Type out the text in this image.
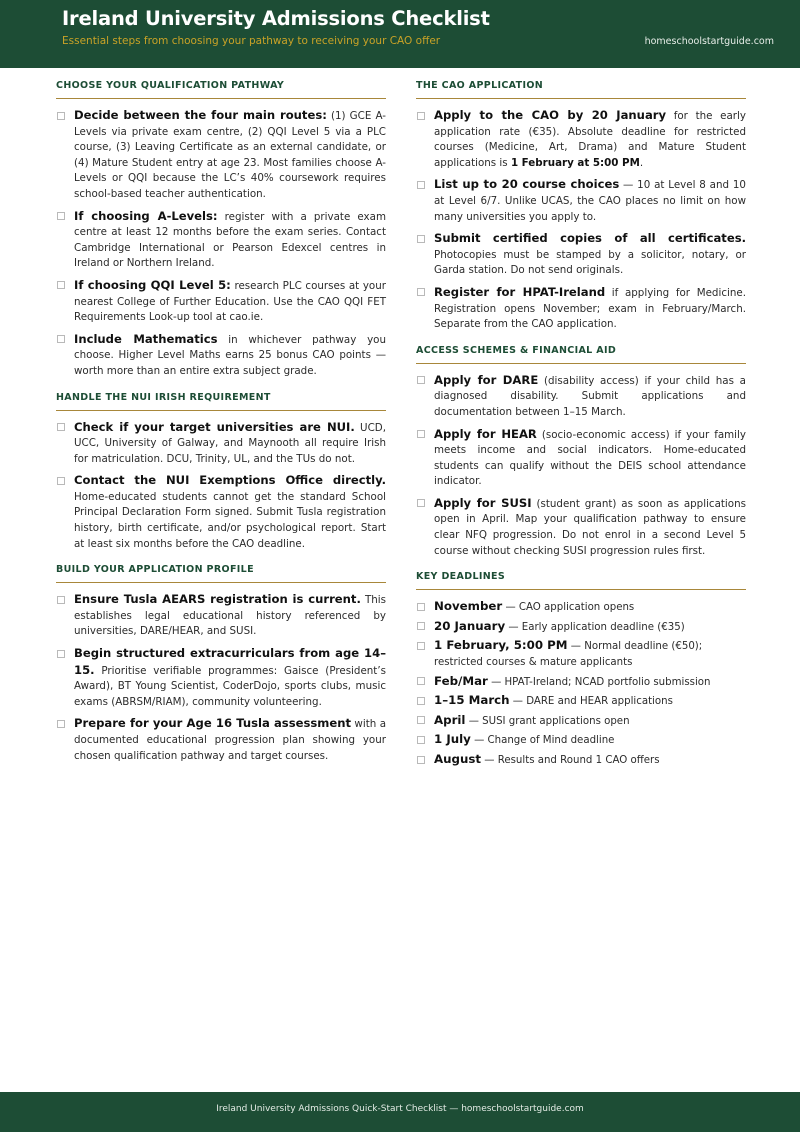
Ireland University Admissions Checklist
Essential steps from choosing your pathway to receiving your CAO offer	homeschoolstartguide.com
CHOOSE YOUR QUALIFICATION PATHWAY
Decide between the four main routes: (1) GCE A-Levels via private exam centre, (2) QQI Level 5 via a PLC course, (3) Leaving Certificate as an external candidate, or (4) Mature Student entry at age 23. Most families choose A-Levels or QQI because the LC’s 40% coursework requires school-based teacher authentication.
If choosing A-Levels: register with a private exam centre at least 12 months before the exam series. Contact Cambridge International or Pearson Edexcel centres in Ireland or Northern Ireland.
If choosing QQI Level 5: research PLC courses at your nearest College of Further Education. Use the CAO QQI FET Requirements Look-up tool at cao.ie.
Include Mathematics in whichever pathway you choose. Higher Level Maths earns 25 bonus CAO points — worth more than an entire extra subject grade.
HANDLE THE NUI IRISH REQUIREMENT
Check if your target universities are NUI. UCD, UCC, University of Galway, and Maynooth all require Irish for matriculation. DCU, Trinity, UL, and the TUs do not.
Contact the NUI Exemptions Office directly. Home-educated students cannot get the standard School Principal Declaration Form signed. Submit Tusla registration history, birth certificate, and/or psychological report. Start at least six months before the CAO deadline.
BUILD YOUR APPLICATION PROFILE
Ensure Tusla AEARS registration is current. This establishes legal educational history referenced by universities, DARE/HEAR, and SUSI.
Begin structured extracurriculars from age 14–15. Prioritise verifiable programmes: Gaisce (President’s Award), BT Young Scientist, CoderDojo, sports clubs, music exams (ABRSM/RIAM), community volunteering.
Prepare for your Age 16 Tusla assessment with a documented educational progression plan showing your chosen qualification pathway and target courses.
THE CAO APPLICATION
Apply to the CAO by 20 January for the early application rate (€35). Absolute deadline for restricted courses (Medicine, Art, Drama) and Mature Student applications is 1 February at 5:00 PM.
List up to 20 course choices — 10 at Level 8 and 10 at Level 6/7. Unlike UCAS, the CAO places no limit on how many universities you apply to.
Submit certified copies of all certificates. Photocopies must be stamped by a solicitor, notary, or Garda station. Do not send originals.
Register for HPAT-Ireland if applying for Medicine. Registration opens November; exam in February/March. Separate from the CAO application.
ACCESS SCHEMES & FINANCIAL AID
Apply for DARE (disability access) if your child has a diagnosed disability. Submit applications and documentation between 1–15 March.
Apply for HEAR (socio-economic access) if your family meets income and social indicators. Home-educated students can qualify without the DEIS school attendance indicator.
Apply for SUSI (student grant) as soon as applications open in April. Map your qualification pathway to ensure clear NFQ progression. Do not enrol in a second Level 5 course without checking SUSI progression rules first.
KEY DEADLINES
November — CAO application opens
20 January — Early application deadline (€35)
1 February, 5:00 PM — Normal deadline (€50); restricted courses & mature applicants
Feb/Mar — HPAT-Ireland; NCAD portfolio submission
1–15 March — DARE and HEAR applications
April — SUSI grant applications open
1 July — Change of Mind deadline
August — Results and Round 1 CAO offers
Ireland University Admissions Quick-Start Checklist — homeschoolstartguide.com
